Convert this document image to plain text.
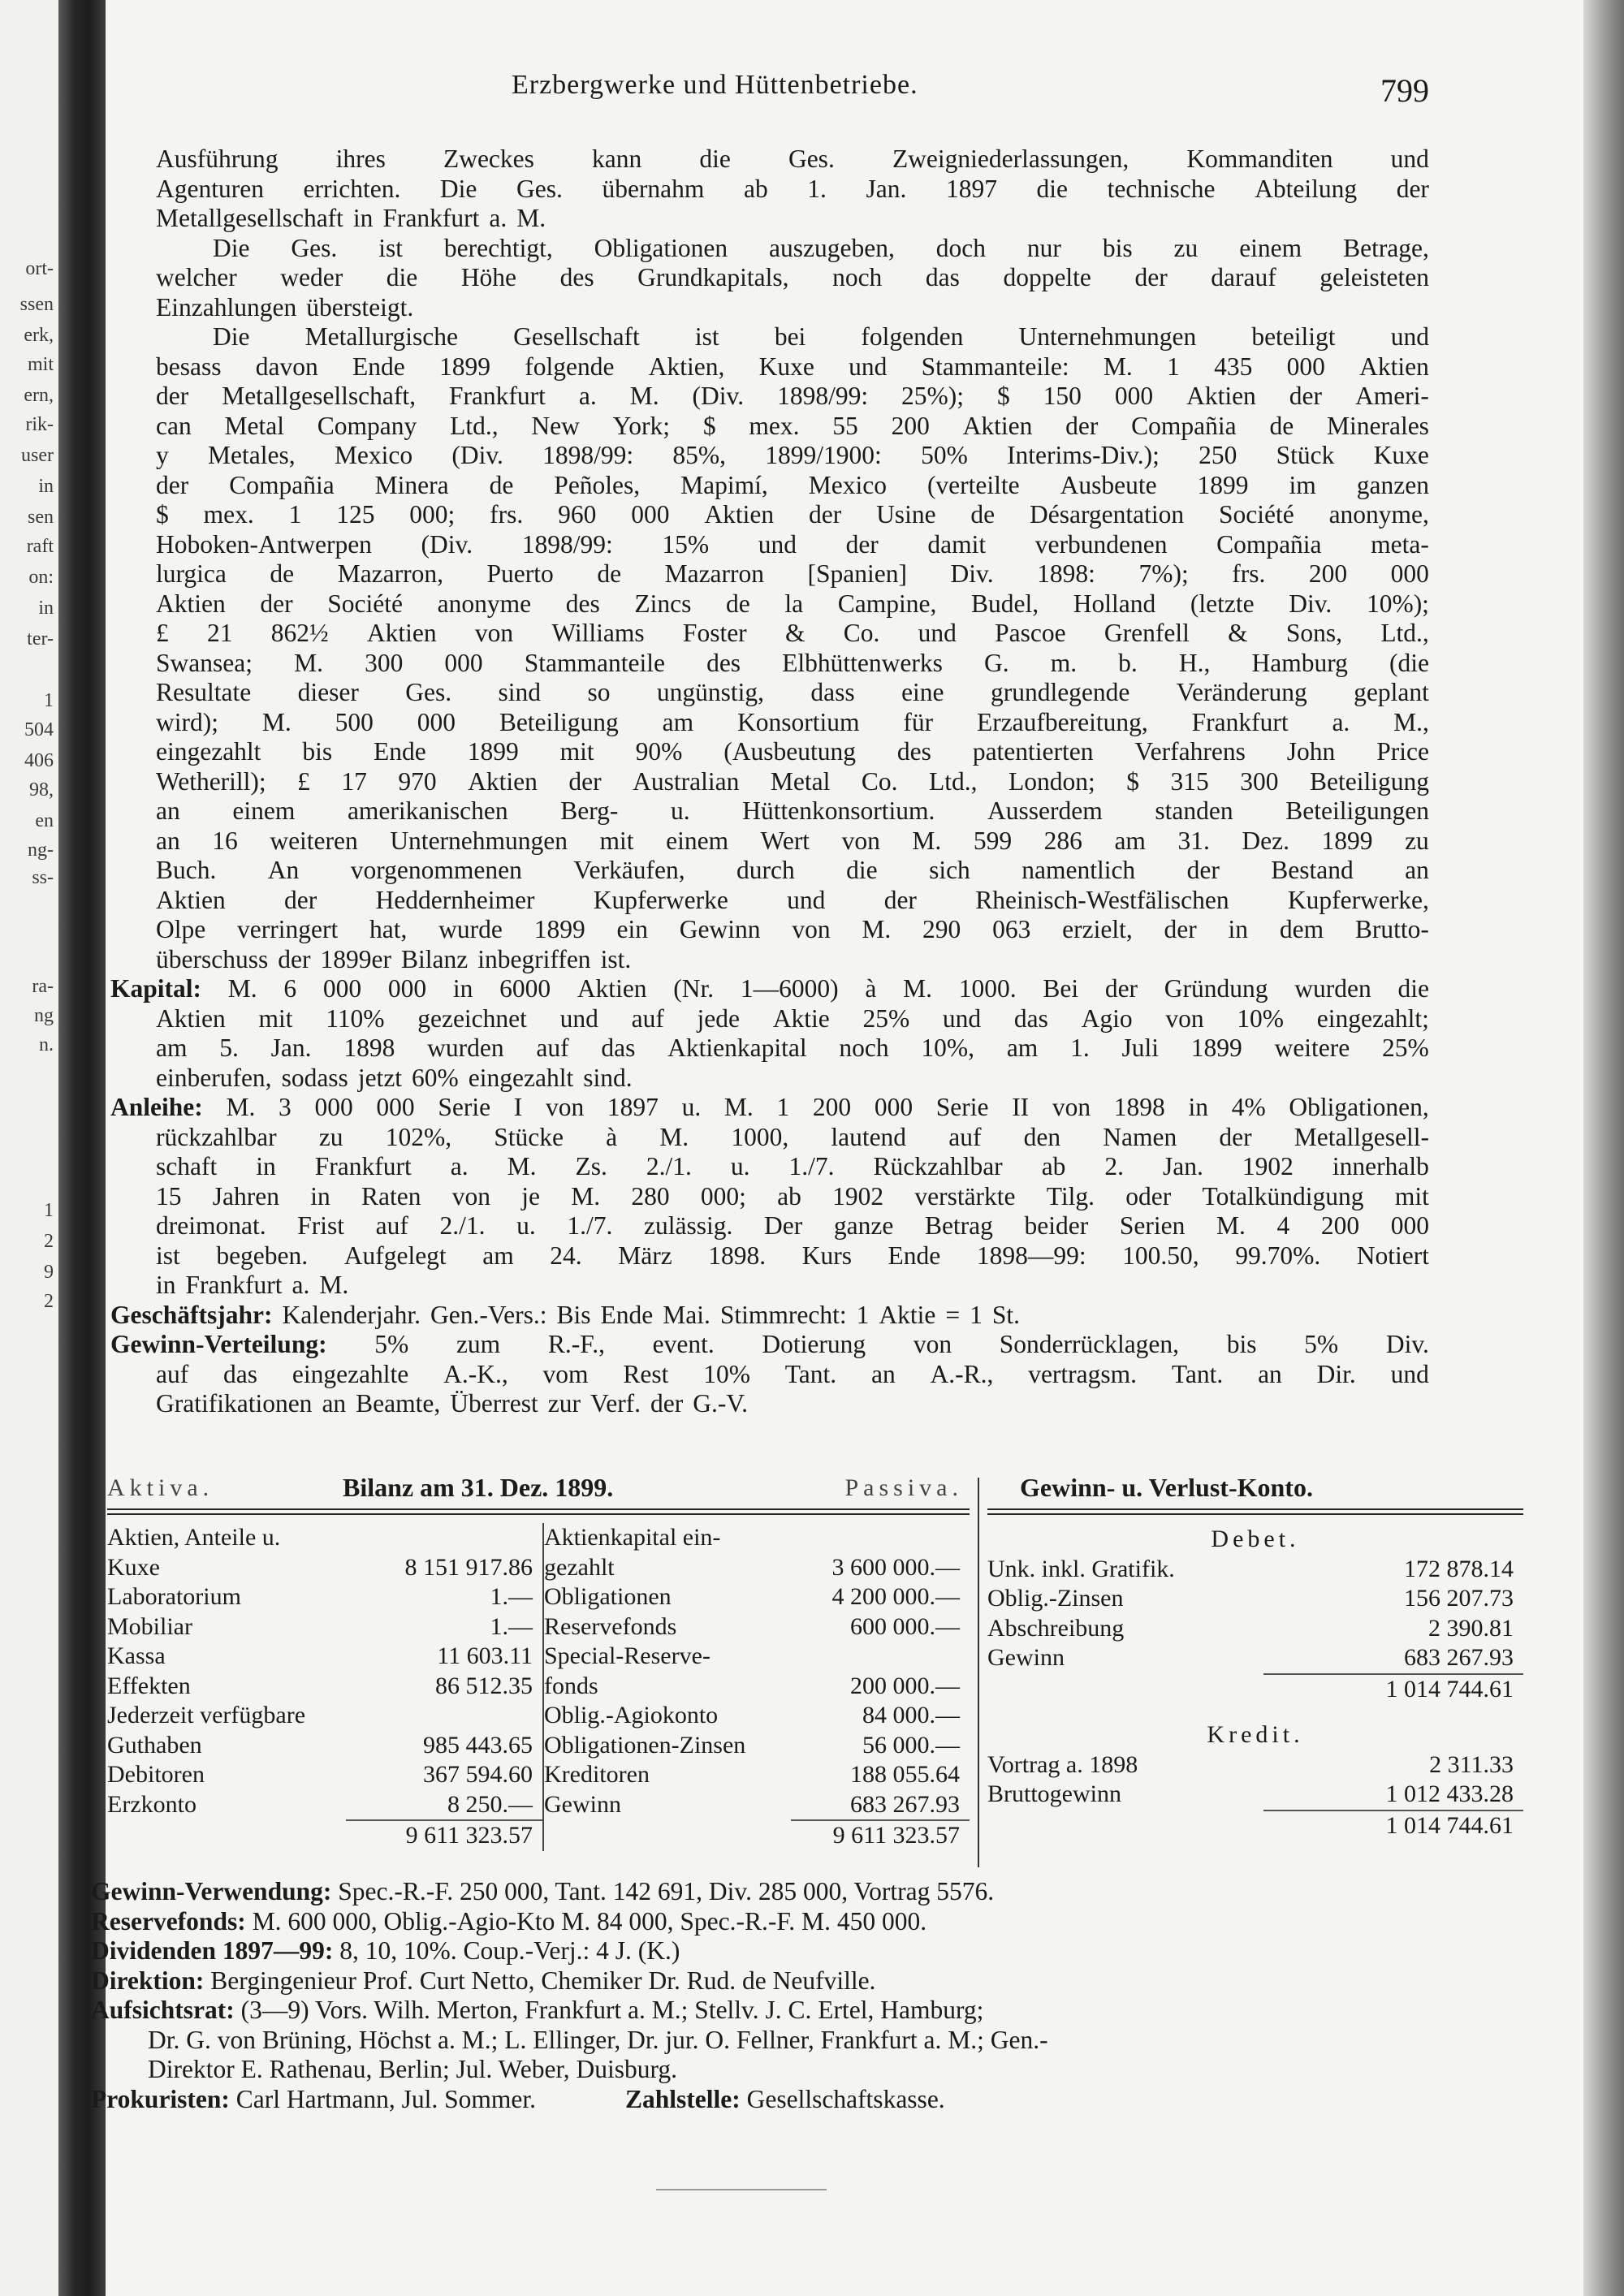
ort-
ssen
erk,
mit
ern,
rik-
user
in
sen
raft
on:
in
ter-
1
504
406
98,
en
ng-
ss-
ra-
ng
n.
1
2
9
2
Erzbergwerke und Hüttenbetriebe.	799
Ausführung ihres Zweckes kann die Ges. Zweigniederlassungen, Kommanditen und
Agenturen errichten. Die Ges. übernahm ab 1. Jan. 1897 die technische Abteilung der
Metallgesellschaft in Frankfurt a. M.
Die Ges. ist berechtigt, Obligationen auszugeben, doch nur bis zu einem Betrage,
welcher weder die Höhe des Grundkapitals, noch das doppelte der darauf geleisteten
Einzahlungen übersteigt.
Die Metallurgische Gesellschaft ist bei folgenden Unternehmungen beteiligt und
besass davon Ende 1899 folgende Aktien, Kuxe und Stammanteile: M. 1 435 000 Aktien
der Metallgesellschaft, Frankfurt a. M. (Div. 1898/99: 25%); $ 150 000 Aktien der Ameri-
can Metal Company Ltd., New York; $ mex. 55 200 Aktien der Compañia de Minerales
y Metales, Mexico (Div. 1898/99: 85%, 1899/1900: 50% Interims-Div.); 250 Stück Kuxe
der Compañia Minera de Peñoles, Mapimí, Mexico (verteilte Ausbeute 1899 im ganzen
$ mex. 1 125 000; frs. 960 000 Aktien der Usine de Désargentation Société anonyme,
Hoboken-Antwerpen (Div. 1898/99: 15% und der damit verbundenen Compañia meta-
lurgica de Mazarron, Puerto de Mazarron [Spanien] Div. 1898: 7%); frs. 200 000
Aktien der Société anonyme des Zincs de la Campine, Budel, Holland (letzte Div. 10%);
£ 21 862½ Aktien von Williams Foster & Co. und Pascoe Grenfell & Sons, Ltd.,
Swansea; M. 300 000 Stammanteile des Elbhüttenwerks G. m. b. H., Hamburg (die
Resultate dieser Ges. sind so ungünstig, dass eine grundlegende Veränderung geplant
wird); M. 500 000 Beteiligung am Konsortium für Erzaufbereitung, Frankfurt a. M.,
eingezahlt bis Ende 1899 mit 90% (Ausbeutung des patentierten Verfahrens John Price
Wetherill); £ 17 970 Aktien der Australian Metal Co. Ltd., London; $ 315 300 Beteiligung
an einem amerikanischen Berg- u. Hüttenkonsortium. Ausserdem standen Beteiligungen
an 16 weiteren Unternehmungen mit einem Wert von M. 599 286 am 31. Dez. 1899 zu
Buch. An vorgenommenen Verkäufen, durch die sich namentlich der Bestand an
Aktien der Heddernheimer Kupferwerke und der Rheinisch-Westfälischen Kupferwerke,
Olpe verringert hat, wurde 1899 ein Gewinn von M. 290 063 erzielt, der in dem Brutto-
überschuss der 1899er Bilanz inbegriffen ist.
Kapital: M. 6 000 000 in 6000 Aktien (Nr. 1—6000) à M. 1000. Bei der Gründung wurden die
Aktien mit 110% gezeichnet und auf jede Aktie 25% und das Agio von 10% eingezahlt;
am 5. Jan. 1898 wurden auf das Aktienkapital noch 10%, am 1. Juli 1899 weitere 25%
einberufen, sodass jetzt 60% eingezahlt sind.
Anleihe: M. 3 000 000 Serie I von 1897 u. M. 1 200 000 Serie II von 1898 in 4% Obligationen,
rückzahlbar zu 102%, Stücke à M. 1000, lautend auf den Namen der Metallgesell-
schaft in Frankfurt a. M. Zs. 2./1. u. 1./7. Rückzahlbar ab 2. Jan. 1902 innerhalb
15 Jahren in Raten von je M. 280 000; ab 1902 verstärkte Tilg. oder Totalkündigung mit
dreimonat. Frist auf 2./1. u. 1./7. zulässig. Der ganze Betrag beider Serien M. 4 200 000
ist begeben. Aufgelegt am 24. März 1898. Kurs Ende 1898—99: 100.50, 99.70%. Notiert
in Frankfurt a. M.
Geschäftsjahr: Kalenderjahr. Gen.-Vers.: Bis Ende Mai. Stimmrecht: 1 Aktie = 1 St.
Gewinn-Verteilung: 5% zum R.-F., event. Dotierung von Sonderrücklagen, bis 5% Div.
auf das eingezahlte A.-K., vom Rest 10% Tant. an A.-R., vertragsm. Tant. an Dir. und
Gratifikationen an Beamte, Überrest zur Verf. der G.-V.
Aktiva.	Bilanz am 31. Dez. 1899.	Passiva.
Aktien, Anteile u.
Kuxe	8 151 917.86
Laboratorium	1.—
Mobiliar	1.—
Kassa	11 603.11
Effekten	86 512.35
Jederzeit verfügbare
Guthaben	985 443.65
Debitoren	367 594.60
Erzkonto	8 250.—
9 611 323.57
Aktienkapital ein-
gezahlt	3 600 000.—
Obligationen	4 200 000.—
Reservefonds	600 000.—
Special-Reserve-
fonds	200 000.—
Oblig.-Agiokonto	84 000.—
Obligationen-Zinsen	56 000.—
Kreditoren	188 055.64
Gewinn	683 267.93
9 611 323.57
Gewinn- u. Verlust-Konto.
Debet.
Unk. inkl. Gratifik.	172 878.14
Oblig.-Zinsen	156 207.73
Abschreibung	2 390.81
Gewinn	683 267.93
1 014 744.61
Kredit.
Vortrag a. 1898	2 311.33
Bruttogewinn	1 012 433.28
1 014 744.61
Gewinn-Verwendung: Spec.-R.-F. 250 000, Tant. 142 691, Div. 285 000, Vortrag 5576.
Reservefonds: M. 600 000, Oblig.-Agio-Kto M. 84 000, Spec.-R.-F. M. 450 000.
Dividenden 1897—99: 8, 10, 10%. Coup.-Verj.: 4 J. (K.)
Direktion: Bergingenieur Prof. Curt Netto, Chemiker Dr. Rud. de Neufville.
Aufsichtsrat: (3—9) Vors. Wilh. Merton, Frankfurt a. M.; Stellv. J. C. Ertel, Hamburg;
Dr. G. von Brüning, Höchst a. M.; L. Ellinger, Dr. jur. O. Fellner, Frankfurt a. M.; Gen.-
Direktor E. Rathenau, Berlin; Jul. Weber, Duisburg.
Prokuristen: Carl Hartmann, Jul. Sommer.	Zahlstelle: Gesellschaftskasse.
